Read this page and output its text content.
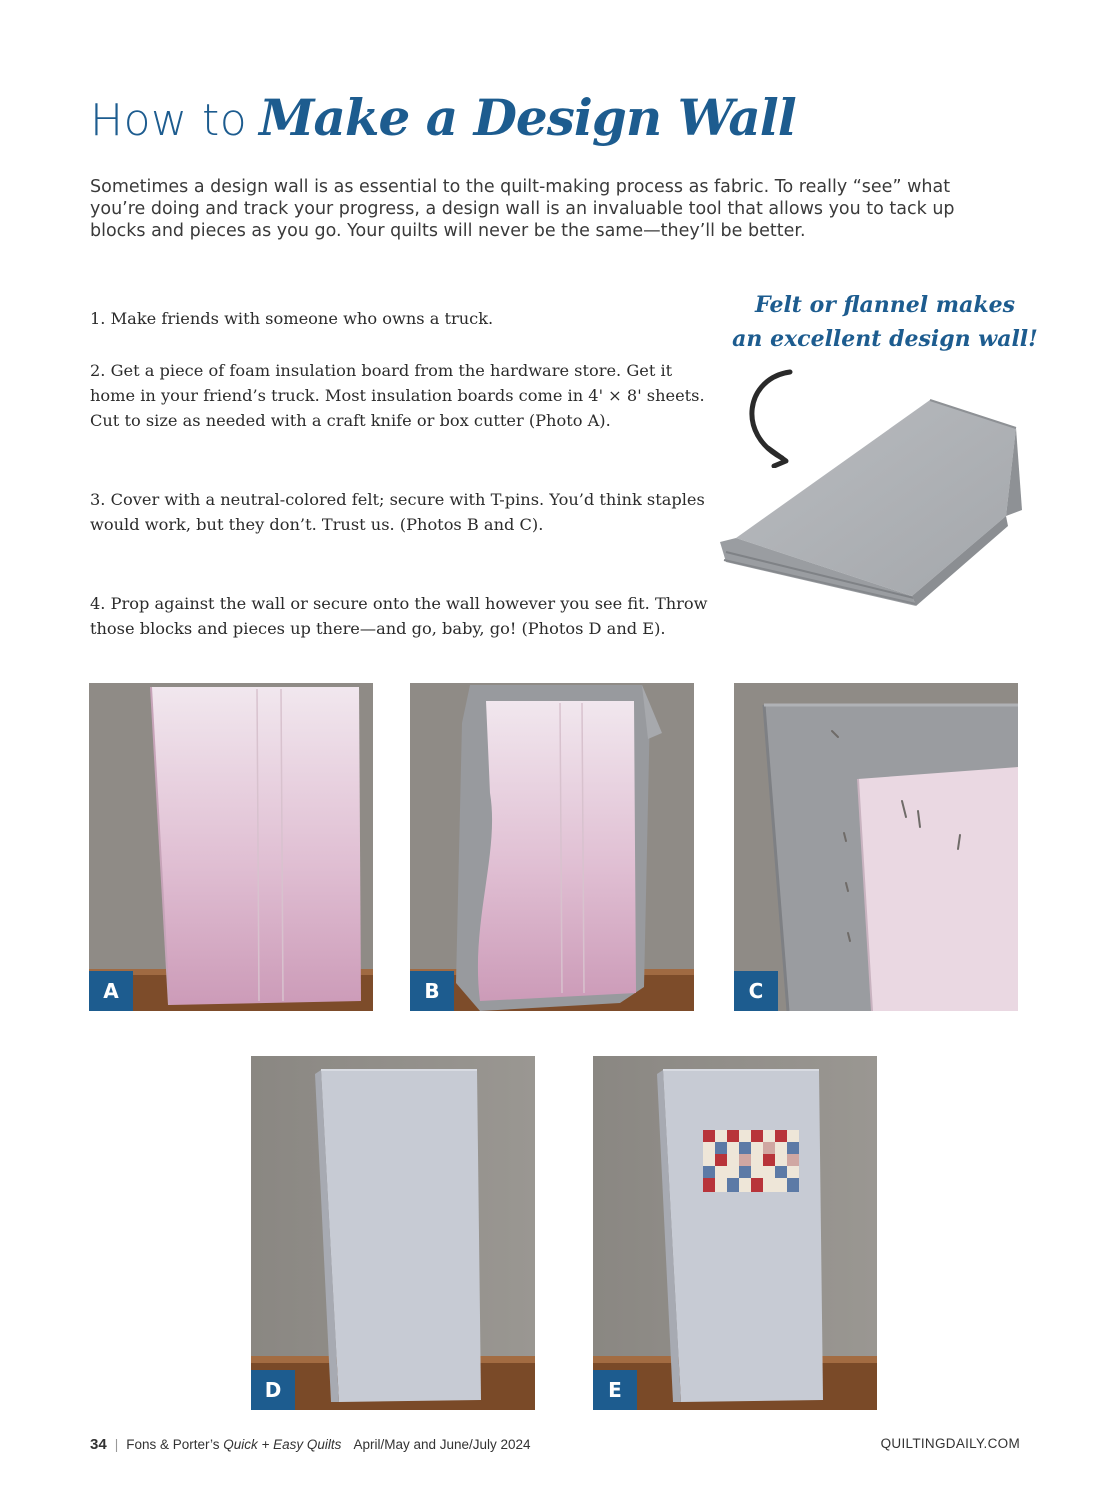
How to Make a Design Wall

Sometimes a design wall is as essential to the quilt-making process as fabric. To really “see” what you’re doing and track your progress, a design wall is an invaluable tool that allows you to tack up blocks and pieces as you go. Your quilts will never be the same—they’ll be better.

1. Make friends with someone who owns a truck.

2. Get a piece of foam insulation board from the hardware store. Get it home in your friend’s truck. Most insulation boards come in 4' × 8' sheets. Cut to size as needed with a craft knife or box cutter (Photo A).

3. Cover with a neutral-colored felt; secure with T-pins. You’d think staples would work, but they don’t. Trust us. (Photos B and C).

4. Prop against the wall or secure onto the wall however you see fit. Throw those blocks and pieces up there—and go, baby, go! (Photos D and E).

Felt or flannel makes
an excellent design wall!

A	B	C
D	E
34 | Fons & Porter’s Quick + Easy Quilts April/May and June/July 2024	QUILTINGDAILY.COM
